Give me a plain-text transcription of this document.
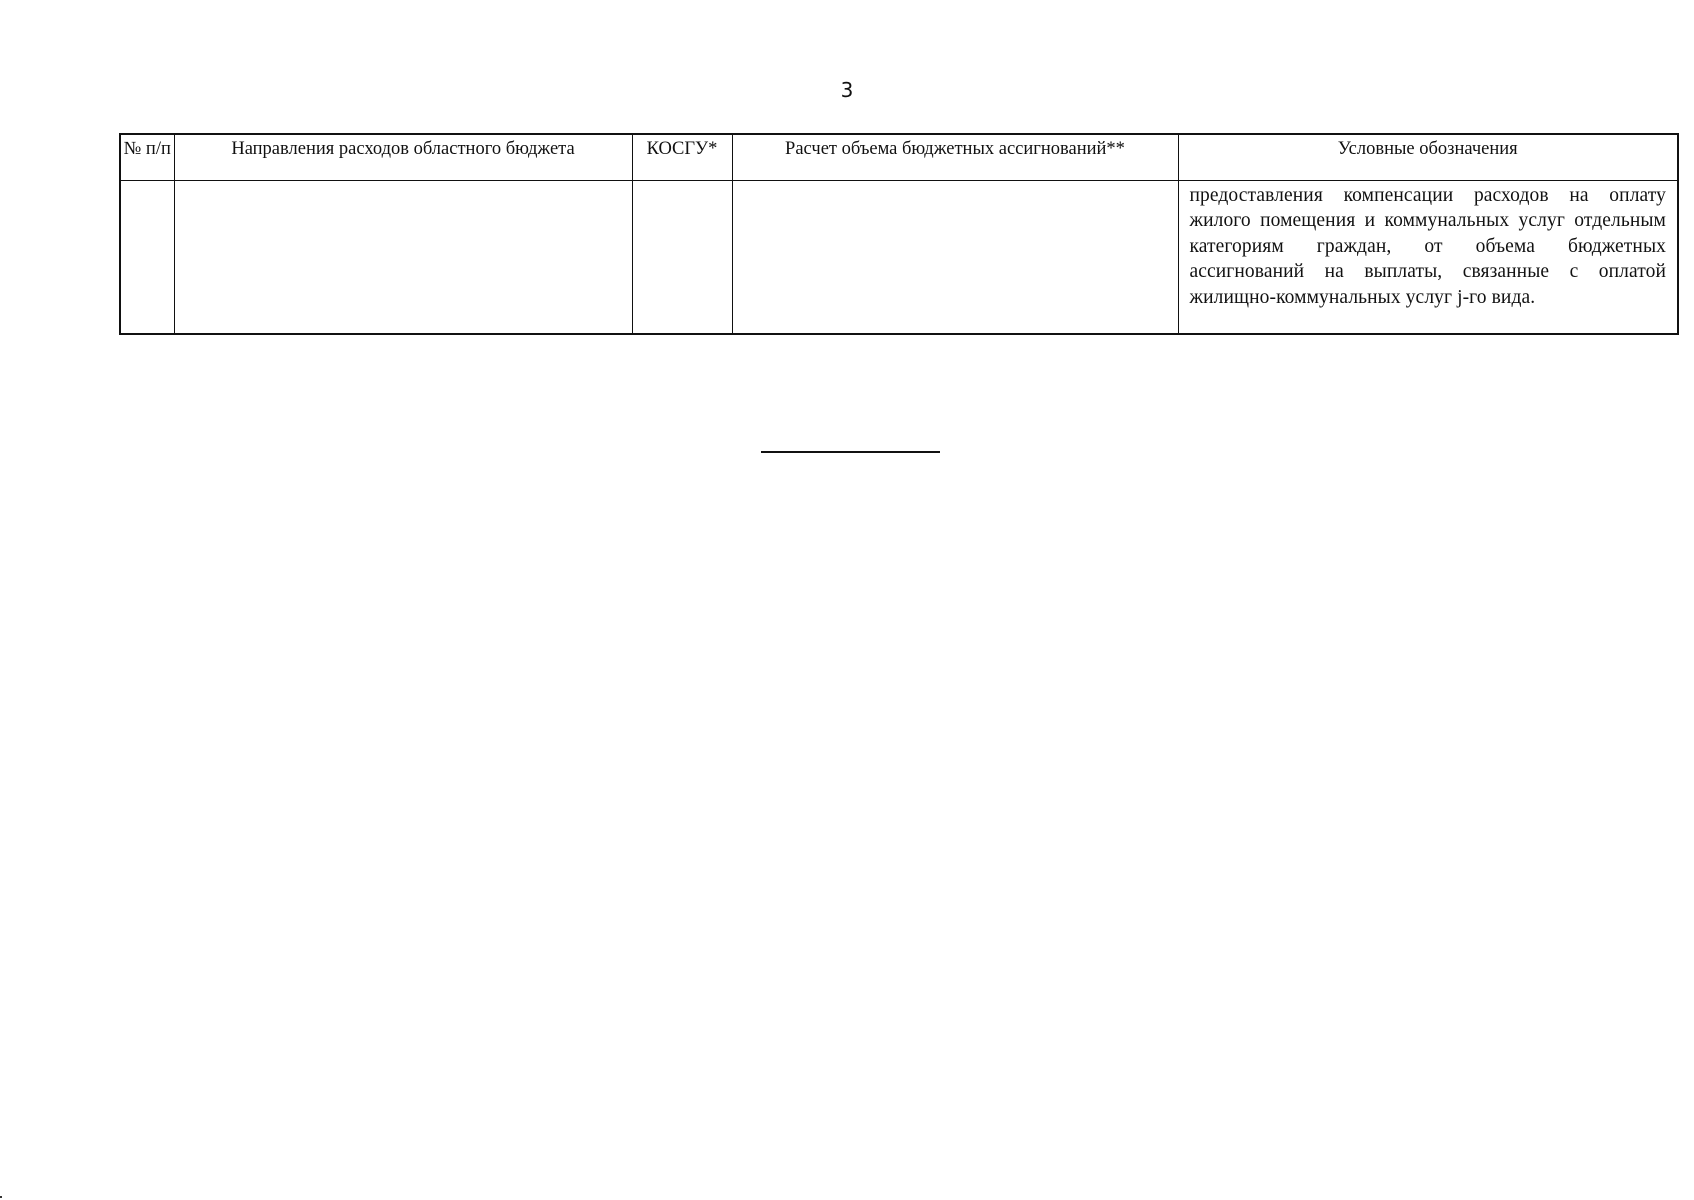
3
№ п/п	Направления расходов областного бюджета	КОСГУ*	Расчет объема бюджетных ассигнований**	Условные обозначения
				предоставления компенсации расходов на оплату жилого помещения и коммунальных услуг отдельным категориям граждан, от объема бюджетных ассигнований на выплаты, связанные с оплатой жилищно-коммунальных услуг j-го вида.
